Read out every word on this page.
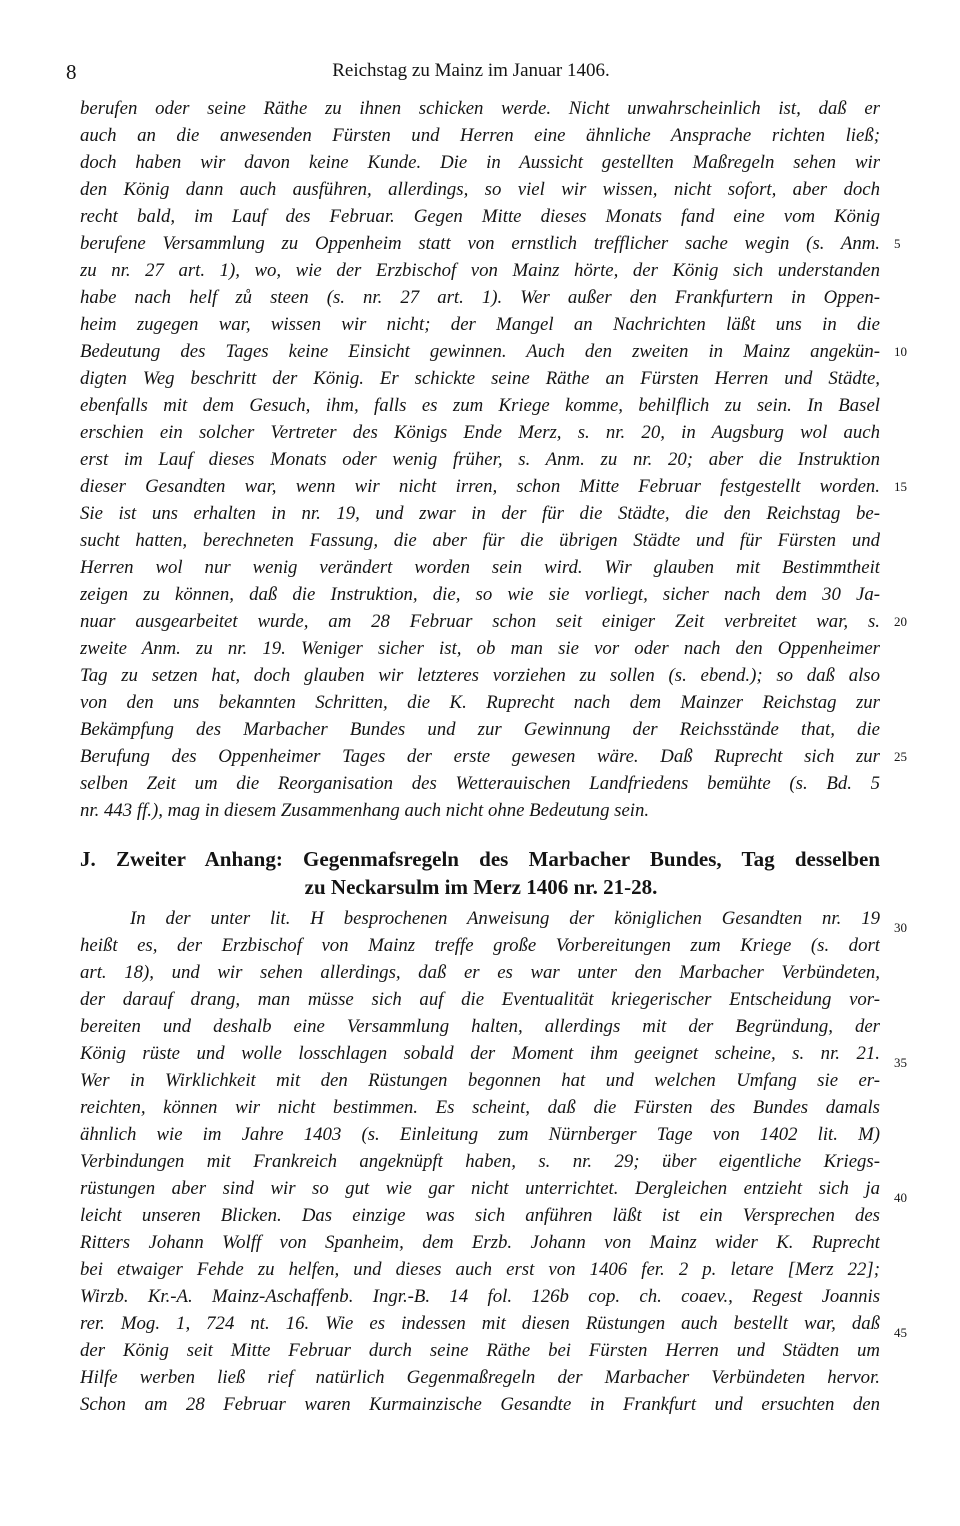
8	Reichstag zu Mainz im Januar 1406.
berufen oder seine Räthe zu ihnen schicken werde. Nicht unwahrscheinlich ist, daß er
auch an die anwesenden Fürsten und Herren eine ähnliche Ansprache richten ließ;
doch haben wir davon keine Kunde. Die in Aussicht gestellten Maßregeln sehen wir
den König dann auch ausführen, allerdings, so viel wir wissen, nicht sofort, aber doch
recht bald, im Lauf des Februar. Gegen Mitte dieses Monats fand eine vom König
berufene Versammlung zu Oppenheim statt von ernstlich trefflicher sache wegin (s. Anm.
zu nr. 27 art. 1), wo, wie der Erzbischof von Mainz hörte, der König sich understanden
habe nach helf zů steen (s. nr. 27 art. 1). Wer außer den Frankfurtern in Oppen-
heim zugegen war, wissen wir nicht; der Mangel an Nachrichten läßt uns in die
Bedeutung des Tages keine Einsicht gewinnen. Auch den zweiten in Mainz angekün-
digten Weg beschritt der König. Er schickte seine Räthe an Fürsten Herren und Städte,
ebenfalls mit dem Gesuch, ihm, falls es zum Kriege komme, behilflich zu sein. In Basel
erschien ein solcher Vertreter des Königs Ende Merz, s. nr. 20, in Augsburg wol auch
erst im Lauf dieses Monats oder wenig früher, s. Anm. zu nr. 20; aber die Instruktion
dieser Gesandten war, wenn wir nicht irren, schon Mitte Februar festgestellt worden.
Sie ist uns erhalten in nr. 19, und zwar in der für die Städte, die den Reichstag be-
sucht hatten, berechneten Fassung, die aber für die übrigen Städte und für Fürsten und
Herren wol nur wenig verändert worden sein wird. Wir glauben mit Bestimmtheit
zeigen zu können, daß die Instruktion, die, so wie sie vorliegt, sicher nach dem 30 Ja-
nuar ausgearbeitet wurde, am 28 Februar schon seit einiger Zeit verbreitet war, s.
zweite Anm. zu nr. 19. Weniger sicher ist, ob man sie vor oder nach den Oppenheimer
Tag zu setzen hat, doch glauben wir letzteres vorziehen zu sollen (s. ebend.); so daß also
von den uns bekannten Schritten, die K. Ruprecht nach dem Mainzer Reichstag zur
Bekämpfung des Marbacher Bundes und zur Gewinnung der Reichsstände that, die
Berufung des Oppenheimer Tages der erste gewesen wäre. Daß Ruprecht sich zur
selben Zeit um die Reorganisation des Wetterauischen Landfriedens bemühte (s. Bd. 5
nr. 443 ff.), mag in diesem Zusammenhang auch nicht ohne Bedeutung sein.
J. Zweiter Anhang: Gegenmafsregeln des Marbacher Bundes, Tag desselben
zu Neckarsulm im Merz 1406 nr. 21-28.
In der unter lit. H besprochenen Anweisung der königlichen Gesandten nr. 19
heißt es, der Erzbischof von Mainz treffe große Vorbereitungen zum Kriege (s. dort
art. 18), und wir sehen allerdings, daß er es war unter den Marbacher Verbündeten,
der darauf drang, man müsse sich auf die Eventualität kriegerischer Entscheidung vor-
bereiten und deshalb eine Versammlung halten, allerdings mit der Begründung, der
König rüste und wolle losschlagen sobald der Moment ihm geeignet scheine, s. nr. 21.
Wer in Wirklichkeit mit den Rüstungen begonnen hat und welchen Umfang sie er-
reichten, können wir nicht bestimmen. Es scheint, daß die Fürsten des Bundes damals
ähnlich wie im Jahre 1403 (s. Einleitung zum Nürnberger Tage von 1402 lit. M)
Verbindungen mit Frankreich angeknüpft haben, s. nr. 29; über eigentliche Kriegs-
rüstungen aber sind wir so gut wie gar nicht unterrichtet. Dergleichen entzieht sich ja
leicht unseren Blicken. Das einzige was sich anführen läßt ist ein Versprechen des
Ritters Johann Wolff von Spanheim, dem Erzb. Johann von Mainz wider K. Ruprecht
bei etwaiger Fehde zu helfen, und dieses auch erst von 1406 fer. 2 p. letare [Merz 22];
Wirzb. Kr.-A. Mainz-Aschaffenb. Ingr.-B. 14 fol. 126b cop. ch. coaev., Regest Joannis
rer. Mog. 1, 724 nt. 16. Wie es indessen mit diesen Rüstungen auch bestellt war, daß
der König seit Mitte Februar durch seine Räthe bei Fürsten Herren und Städten um
Hilfe werben ließ rief natürlich Gegenmaßregeln der Marbacher Verbündeten hervor.
Schon am 28 Februar waren Kurmainzische Gesandte in Frankfurt und ersuchten den
5
10
15
20
25
30
35
40
45
